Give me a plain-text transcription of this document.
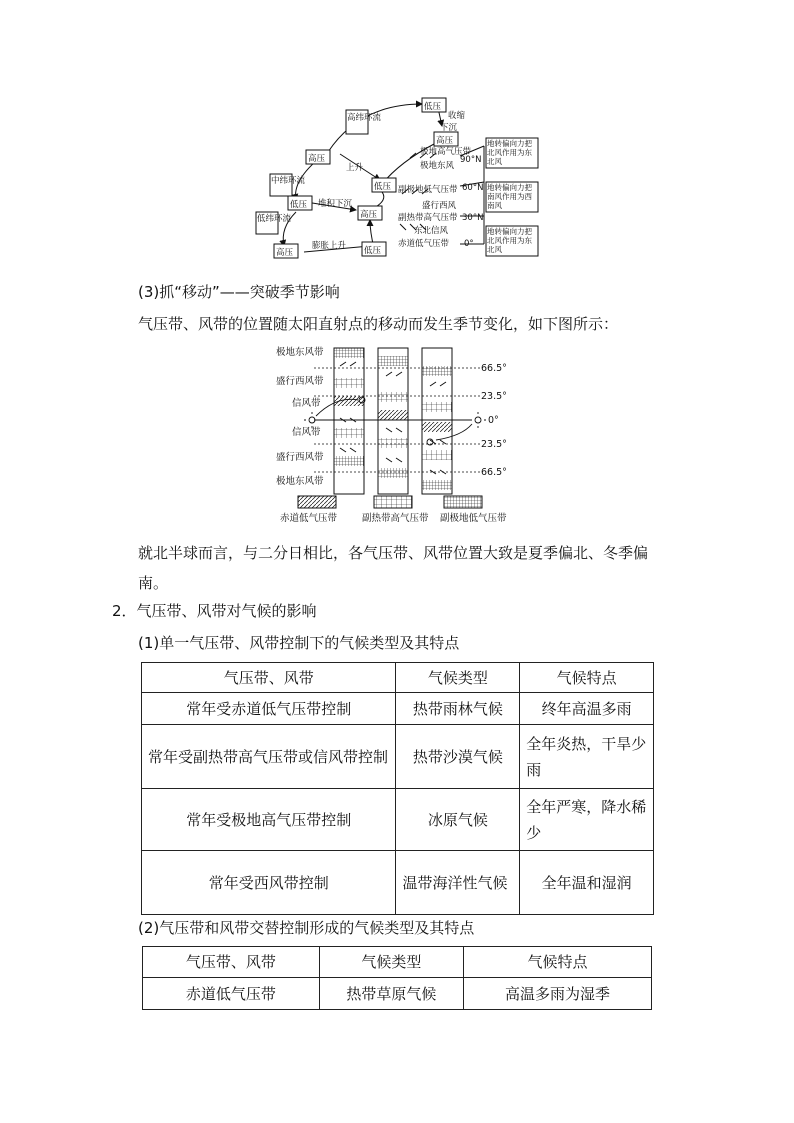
高纬环流
中纬环流
低纬环流
低压
高压
高压
低压
高压
低压
高压
低压
收缩
下沉
上升
堆积下沉
膨胀上升
极地高气压带
极地东风
副极地低气压带
盛行西风
副热带高气压带
东北信风
赤道低气压带
90°N
60°N
30°N
0°
地转偏向力把北风作用为东北风
地转偏向力把南风作用为西南风
地转偏向力把北风作用为东北风
(3)抓“移动”——突破季节影响
气压带、风带的位置随太阳直射点的移动而发生季节变化，如下图所示：
极地东风带
盛行西风带
信风带
信风带
盛行西风带
极地东风带
66.5°
23.5°
0°
23.5°
66.5°
赤道低气压带	副热带高气压带 副极地低气压带
就北半球而言，与二分日相比，各气压带、风带位置大致是夏季偏北、冬季偏南。
2．气压带、风带对气候的影响
(1)单一气压带、风带控制下的气候类型及其特点
气压带、风带	气候类型	气候特点
常年受赤道低气压带控制	热带雨林气候	终年高温多雨
常年受副热带高气压带或信风带控制	热带沙漠气候	全年炎热，干旱少雨
常年受极地高气压带控制	冰原气候	全年严寒，降水稀少
常年受西风带控制	温带海洋性气候	全年温和湿润
(2)气压带和风带交替控制形成的气候类型及其特点
气压带、风带	气候类型	气候特点
赤道低气压带	热带草原气候	高温多雨为湿季
